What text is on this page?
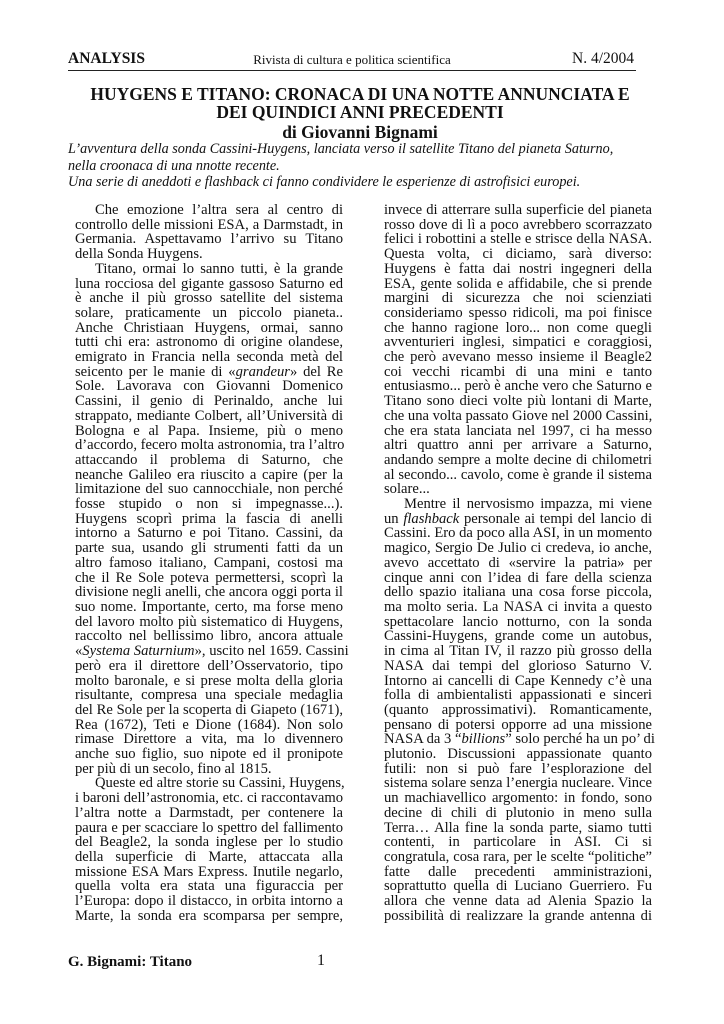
ANALYSIS	Rivista di cultura e politica scientifica	N. 4/2004
HUYGENS E TITANO: CRONACA DI UNA NOTTE ANNUNCIATA E
DEI QUINDICI ANNI PRECEDENTI
di Giovanni Bignami
L’avventura della sonda Cassini-Huygens, lanciata verso il satellite Titano del pianeta Saturno,
nella croonaca di una nnotte recente.
Una serie di aneddoti e flashback ci fanno condividere le esperienze di astrofisici europei.
Che emozione l’altra sera al centro di
controllo delle missioni ESA, a Darmstadt, in
Germania. Aspettavamo l’arrivo su Titano
della Sonda Huygens.
Titano, ormai lo sanno tutti, è la grande
luna rocciosa del gigante gassoso Saturno ed
è anche il più grosso satellite del sistema
solare, praticamente un piccolo pianeta..
Anche Christiaan Huygens, ormai, sanno
tutti chi era: astronomo di origine olandese,
emigrato in Francia nella seconda metà del
seicento per le manie di «grandeur» del Re
Sole. Lavorava con Giovanni Domenico
Cassini, il genio di Perinaldo, anche lui
strappato, mediante Colbert, all’Università di
Bologna e al Papa. Insieme, più o meno
d’accordo, fecero molta astronomia, tra l’altro
attaccando il problema di Saturno, che
neanche Galileo era riuscito a capire (per la
limitazione del suo cannocchiale, non perché
fosse stupido o non si impegnasse...).
Huygens scoprì prima la fascia di anelli
intorno a Saturno e poi Titano. Cassini, da
parte sua, usando gli strumenti fatti da un
altro famoso italiano, Campani, costosi ma
che il Re Sole poteva permettersi, scoprì la
divisione negli anelli, che ancora oggi porta il
suo nome. Importante, certo, ma forse meno
del lavoro molto più sistematico di Huygens,
raccolto nel bellissimo libro, ancora attuale
«Systema Saturnium», uscito nel 1659. Cassini
però era il direttore dell’Osservatorio, tipo
molto baronale, e si prese molta della gloria
risultante, compresa una speciale medaglia
del Re Sole per la scoperta di Giapeto (1671),
Rea (1672), Teti e Dione (1684). Non solo
rimase Direttore a vita, ma lo divennero
anche suo figlio, suo nipote ed il pronipote
per più di un secolo, fino al 1815.
Queste ed altre storie su Cassini, Huygens,
i baroni dell’astronomia, etc. ci raccontavamo
l’altra notte a Darmstadt, per contenere la
paura e per scacciare lo spettro del fallimento
del Beagle2, la sonda inglese per lo studio
della superficie di Marte, attaccata alla
missione ESA Mars Express. Inutile negarlo,
quella volta era stata una figuraccia per
l’Europa: dopo il distacco, in orbita intorno a
Marte, la sonda era scomparsa per sempre,
invece di atterrare sulla superficie del pianeta
rosso dove di lì a poco avrebbero scorrazzato
felici i robottini a stelle e strisce della NASA.
Questa volta, ci diciamo, sarà diverso:
Huygens è fatta dai nostri ingegneri della
ESA, gente solida e affidabile, che si prende
margini di sicurezza che noi scienziati
consideriamo spesso ridicoli, ma poi finisce
che hanno ragione loro... non come quegli
avventurieri inglesi, simpatici e coraggiosi,
che però avevano messo insieme il Beagle2
coi vecchi ricambi di una mini e tanto
entusiasmo... però è anche vero che Saturno e
Titano sono dieci volte più lontani di Marte,
che una volta passato Giove nel 2000 Cassini,
che era stata lanciata nel 1997, ci ha messo
altri quattro anni per arrivare a Saturno,
andando sempre a molte decine di chilometri
al secondo... cavolo, come è grande il sistema
solare...
Mentre il nervosismo impazza, mi viene
un flashback personale ai tempi del lancio di
Cassini. Ero da poco alla ASI, in un momento
magico, Sergio De Julio ci credeva, io anche,
avevo accettato di «servire la patria» per
cinque anni con l’idea di fare della scienza
dello spazio italiana una cosa forse piccola,
ma molto seria. La NASA ci invita a questo
spettacolare lancio notturno, con la sonda
Cassini-Huygens, grande come un autobus,
in cima al Titan IV, il razzo più grosso della
NASA dai tempi del glorioso Saturno V.
Intorno ai cancelli di Cape Kennedy c’è una
folla di ambientalisti appassionati e sinceri
(quanto approssimativi). Romanticamente,
pensano di potersi opporre ad una missione
NASA da 3 “billions” solo perché ha un po’ di
plutonio. Discussioni appassionate quanto
futili: non si può fare l’esplorazione del
sistema solare senza l’energia nucleare. Vince
un machiavellico argomento: in fondo, sono
decine di chili di plutonio in meno sulla
Terra… Alla fine la sonda parte, siamo tutti
contenti, in particolare in ASI. Ci si
congratula, cosa rara, per le scelte “politiche”
fatte dalle precedenti amministrazioni,
soprattutto quella di Luciano Guerriero. Fu
allora che venne data ad Alenia Spazio la
possibilità di realizzare la grande antenna di
G. Bignami: Titano	1
